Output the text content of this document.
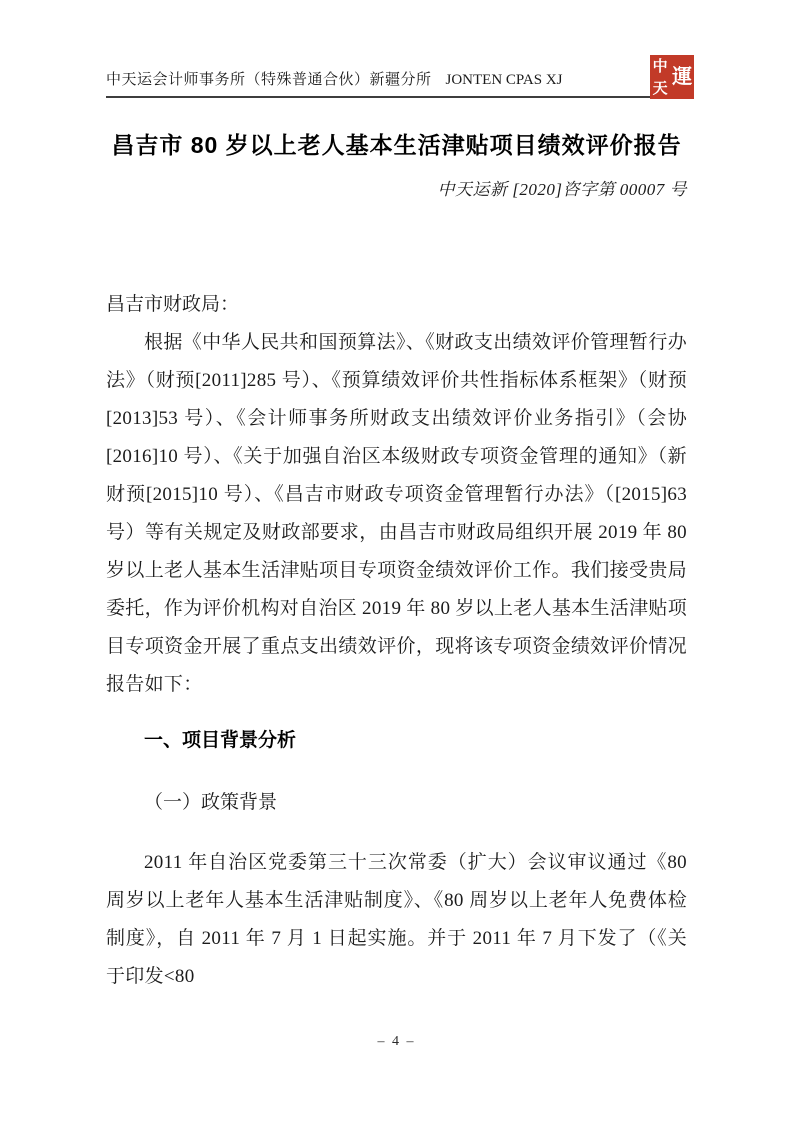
中天运会计师事务所（特殊普通合伙）新疆分所 JONTEN CPAS XJ
中
天 運
昌吉市 80 岁以上老人基本生活津贴项目绩效评价报告
中天运新 [2020]咨字第 00007 号
昌吉市财政局：

根据《中华人民共和国预算法》、《财政支出绩效评价管理暂行办法》（财预[2011]285 号）、《预算绩效评价共性指标体系框架》（财预[2013]53 号）、《会计师事务所财政支出绩效评价业务指引》（会协[2016]10 号）、《关于加强自治区本级财政专项资金管理的通知》（新财预[2015]10 号）、《昌吉市财政专项资金管理暂行办法》（[2015]63 号）等有关规定及财政部要求，由昌吉市财政局组织开展 2019 年 80 岁以上老人基本生活津贴项目专项资金绩效评价工作。我们接受贵局委托，作为评价机构对自治区 2019 年 80 岁以上老人基本生活津贴项目专项资金开展了重点支出绩效评价，现将该专项资金绩效评价情况报告如下：

一、项目背景分析
（一）政策背景

2011 年自治区党委第三十三次常委（扩大）会议审议通过《80 周岁以上老年人基本生活津贴制度》、《80 周岁以上老年人免费体检制度》，自 2011 年 7 月 1 日起实施。并于 2011 年 7 月下发了（《关于印发<80

– 4 –
